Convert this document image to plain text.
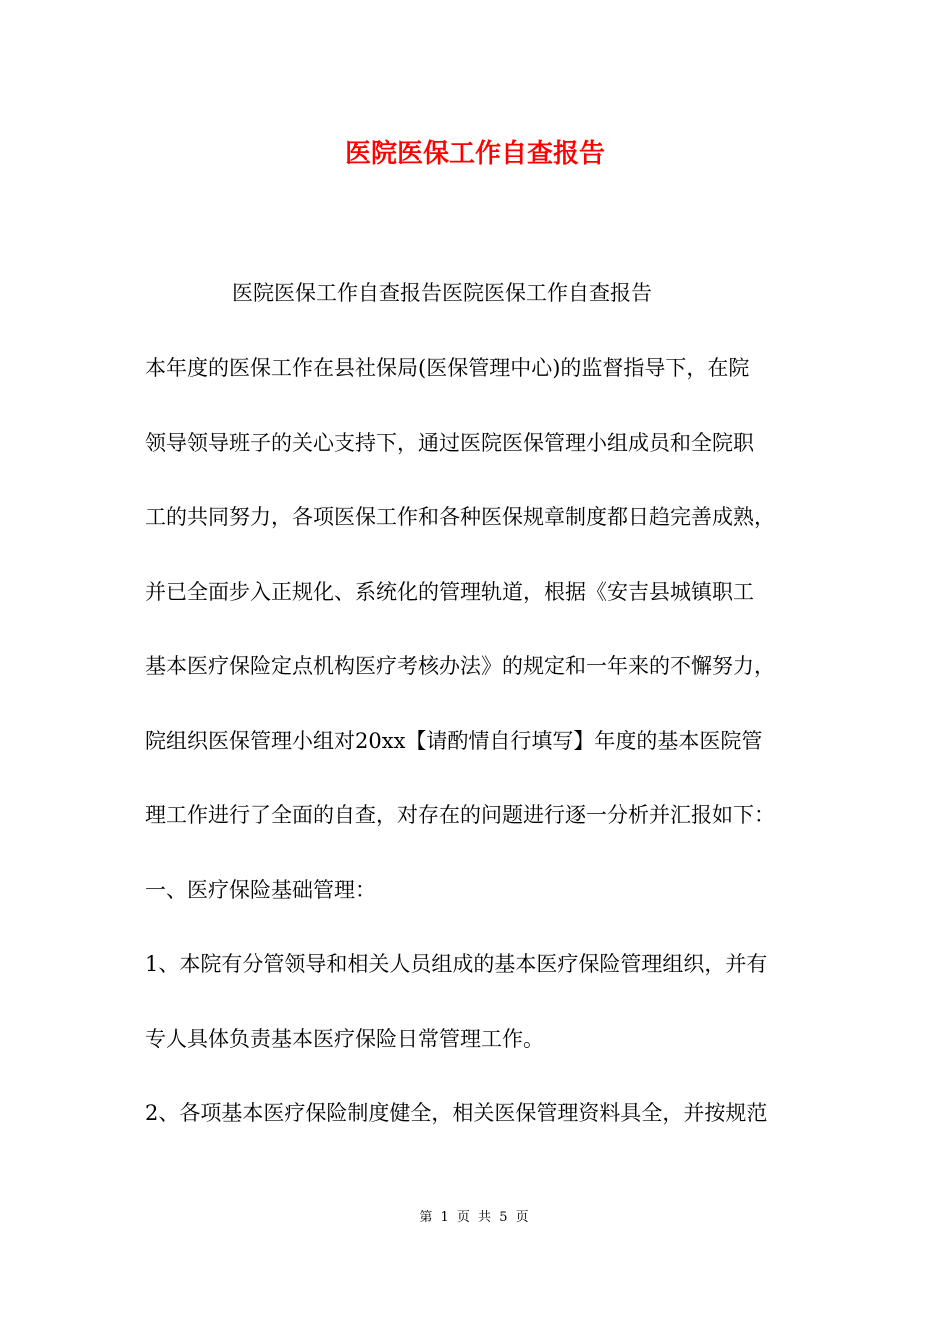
医院医保工作自查报告
医院医保工作自查报告医院医保工作自查报告
本年度的医保工作在县社保局(医保管理中心)的监督指导下，在院
领导领导班子的关心支持下，通过医院医保管理小组成员和全院职
工的共同努力，各项医保工作和各种医保规章制度都日趋完善成熟，
并已全面步入正规化、系统化的管理轨道，根据《安吉县城镇职工
基本医疗保险定点机构医疗考核办法》的规定和一年来的不懈努力，
院组织医保管理小组对20xx【请酌情自行填写】年度的基本医院管
理工作进行了全面的自查，对存在的问题进行逐一分析并汇报如下：
一、医疗保险基础管理：
1、本院有分管领导和相关人员组成的基本医疗保险管理组织，并有
专人具体负责基本医疗保险日常管理工作。
2、各项基本医疗保险制度健全，相关医保管理资料具全，并按规范
第 1 页 共 5 页
